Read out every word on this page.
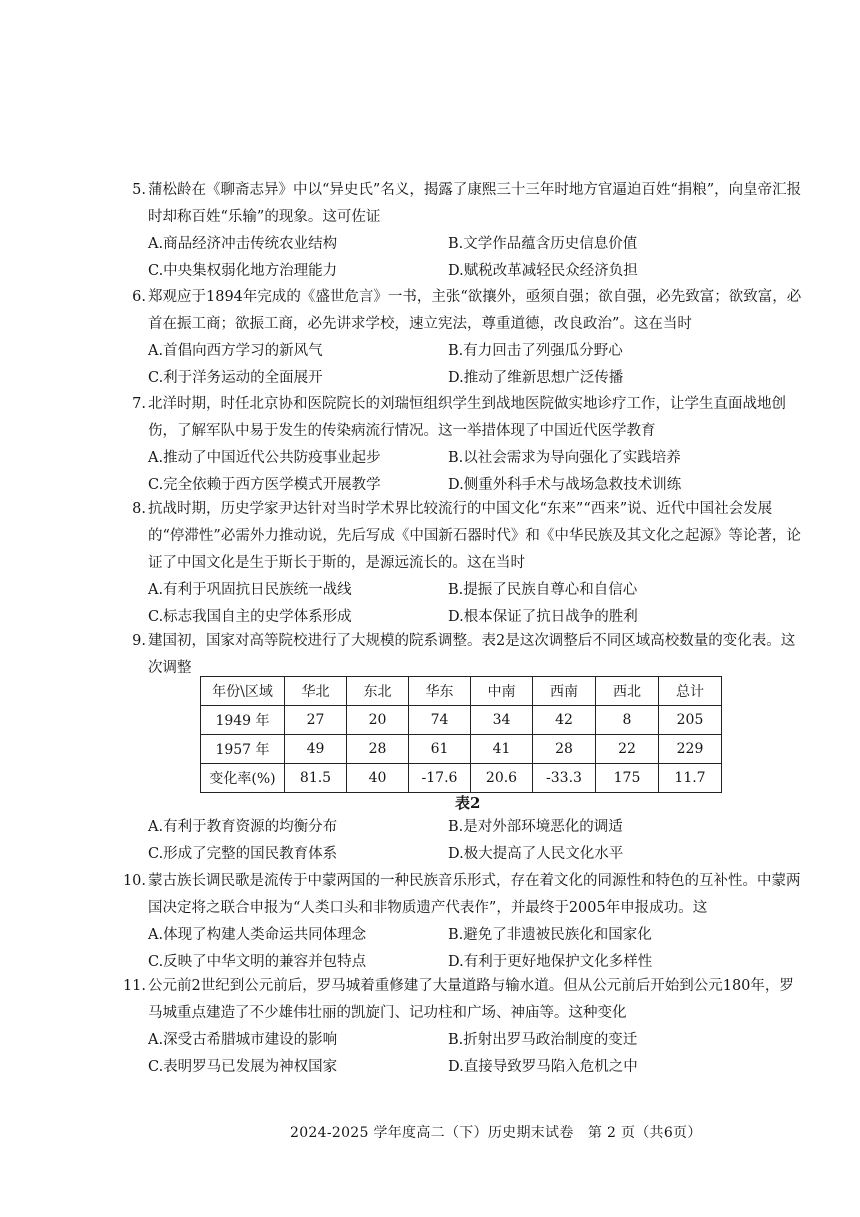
5. 蒲松龄在《聊斋志异》中以“异史氏”名义，揭露了康熙三十三年时地方官逼迫百姓“捐粮”，向皇帝汇报时却称百姓“乐输”的现象。这可佐证

A.商品经济冲击传统农业结构	B.文学作品蕴含历史信息价值
C.中央集权弱化地方治理能力	D.赋税改革减轻民众经济负担
6. 郑观应于1894年完成的《盛世危言》一书，主张“欲攘外，亟须自强；欲自强，必先致富；欲致富，必首在振工商；欲振工商，必先讲求学校，速立宪法，尊重道德，改良政治”。这在当时

A.首倡向西方学习的新风气	B.有力回击了列强瓜分野心
C.利于洋务运动的全面展开	D.推动了维新思想广泛传播
7. 北洋时期，时任北京协和医院院长的刘瑞恒组织学生到战地医院做实地诊疗工作，让学生直面战地创伤，了解军队中易于发生的传染病流行情况。这一举措体现了中国近代医学教育

A.推动了中国近代公共防疫事业起步	B.以社会需求为导向强化了实践培养
C.完全依赖于西方医学模式开展教学	D.侧重外科手术与战场急救技术训练
8. 抗战时期，历史学家尹达针对当时学术界比较流行的中国文化“东来”“西来”说、近代中国社会发展的“停滞性”必需外力推动说，先后写成《中国新石器时代》和《中华民族及其文化之起源》等论著，论证了中国文化是生于斯长于斯的，是源远流长的。这在当时

A.有利于巩固抗日民族统一战线	B.提振了民族自尊心和自信心
C.标志我国自主的史学体系形成	D.根本保证了抗日战争的胜利
9. 建国初，国家对高等院校进行了大规模的院系调整。表2是这次调整后不同区域高校数量的变化表。这次调整

年份\区域	华北	东北	华东	中南	西南	西北	总计
1949 年	27	20	74	34	42	8	205
1957 年	49	28	61	41	28	22	229
变化率(%)	81.5	40	-17.6	20.6	-33.3	175	11.7
表2
A.有利于教育资源的均衡分布	B.是对外部环境恶化的调适
C.形成了完整的国民教育体系	D.极大提高了人民文化水平
10. 蒙古族长调民歌是流传于中蒙两国的一种民族音乐形式，存在着文化的同源性和特色的互补性。中蒙两国决定将之联合申报为“人类口头和非物质遗产代表作”，并最终于2005年申报成功。这

A.体现了构建人类命运共同体理念	B.避免了非遗被民族化和国家化
C.反映了中华文明的兼容并包特点	D.有利于更好地保护文化多样性
11. 公元前2世纪到公元前后，罗马城着重修建了大量道路与输水道。但从公元前后开始到公元180年，罗马城重点建造了不少雄伟壮丽的凯旋门、记功柱和广场、神庙等。这种变化

A.深受古希腊城市建设的影响	B.折射出罗马政治制度的变迁
C.表明罗马已发展为神权国家	D.直接导致罗马陷入危机之中
2024-2025 学年度高二（下）历史期末试卷　第 2 页（共6页）
